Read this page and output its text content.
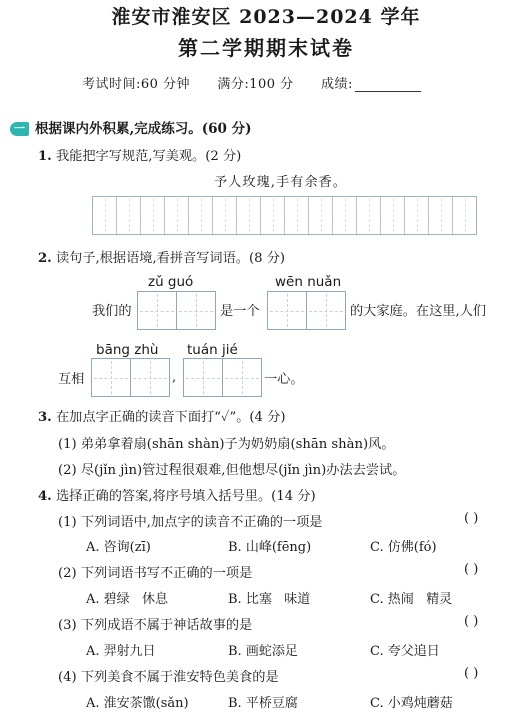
淮安市淮安区 2023—2024 学年
第二学期期末试卷
考试时间:60 分钟 满分:100 分 成绩:
一 根据课内外积累,完成练习。(60 分)
1. 我能把字写规范,写美观。(2 分)
予人玫瑰,手有余香。
2. 读句子,根据语境,看拼音写词语。(8 分)
zǔ guó	wēn nuǎn
我们的	是一个	的大家庭。在这里,人们
bāng zhù tuán jié
互相	,	一心。
3. 在加点字正确的读音下面打“✓”。(4 分)
(1) 弟弟拿着扇(shān shàn)子为奶奶扇(shān shàn)风。
(2) 尽(jǐn jìn)管过程很艰难,但他想尽(jǐn jìn)办法去尝试。
4. 选择正确的答案,将序号填入括号里。(14 分)
(1) 下列词语中,加点字的读音不正确的一项是	( )
A. 咨询(zī)	B. 山峰(fēng)	C. 仿佛(fó)
(2) 下列词语书写不正确的一项是	( )
A. 碧绿   休息	B. 比塞   味道	C. 热闹   精灵
(3) 下列成语不属于神话故事的是	( )
A. 羿射九日	B. 画蛇添足	C. 夸父追日
(4) 下列美食不属于淮安特色美食的是	( )
A. 淮安茶馓(sǎn)	B. 平桥豆腐	C. 小鸡炖蘑菇
